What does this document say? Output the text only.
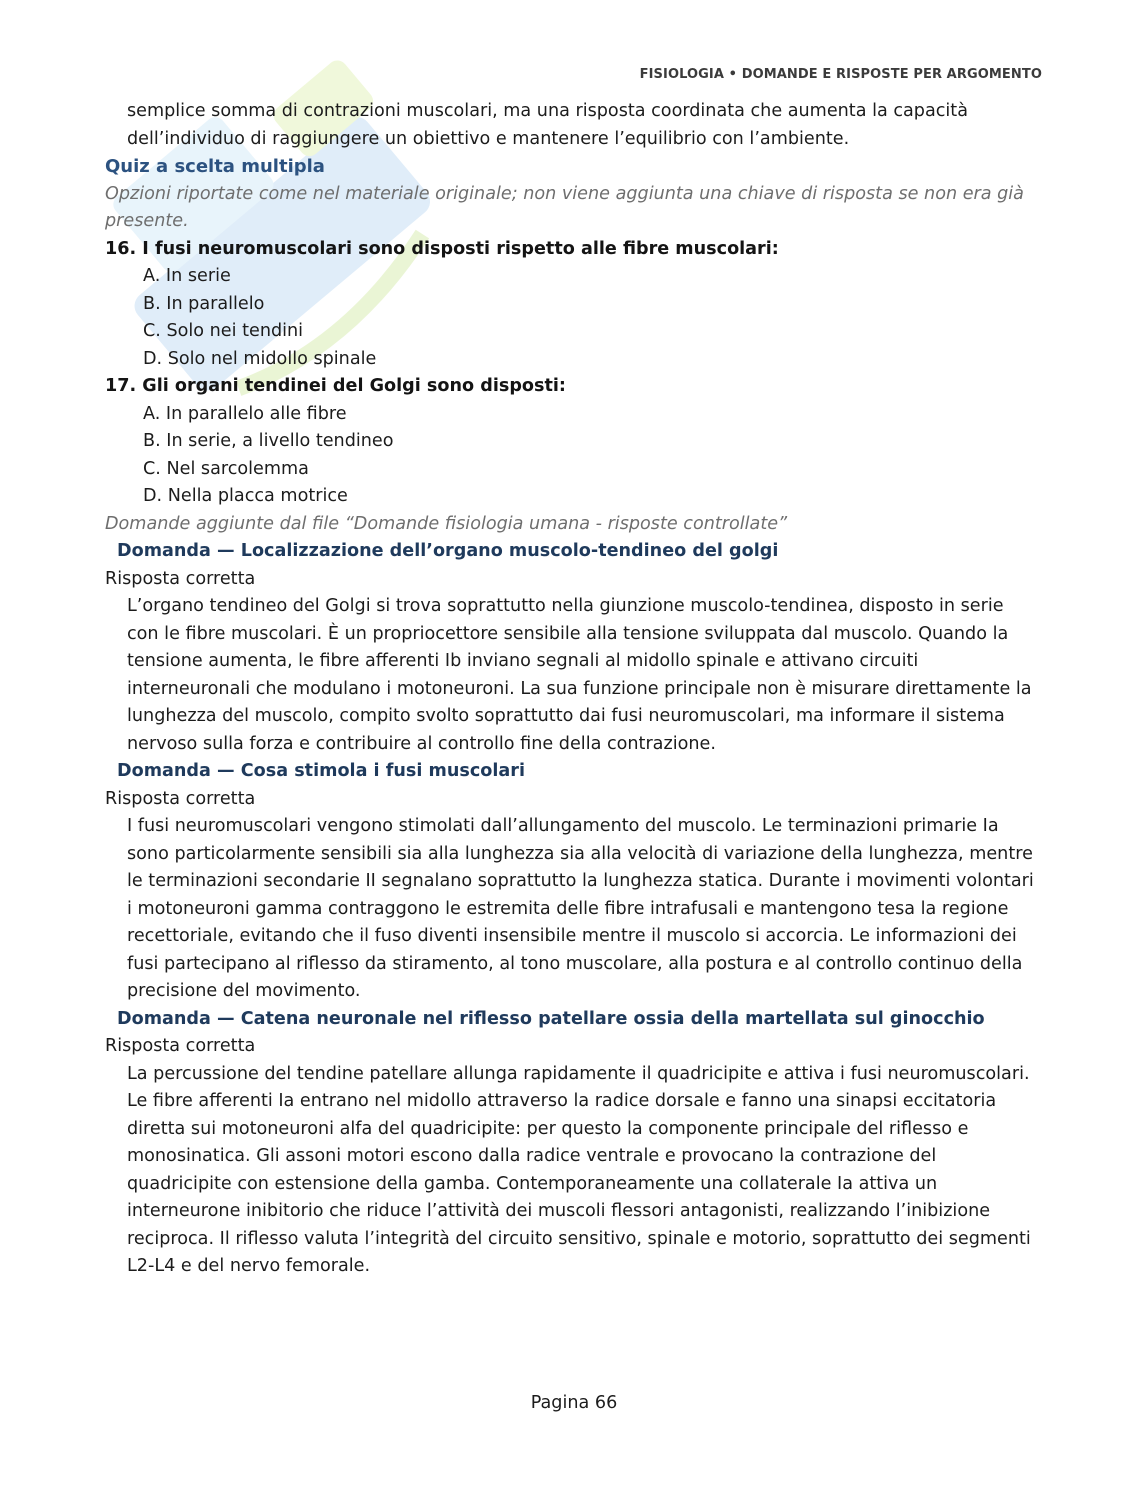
FISIOLOGIA • DOMANDE E RISPOSTE PER ARGOMENTO

semplice somma di contrazioni muscolari, ma una risposta coordinata che aumenta la capacità dell’individuo di raggiungere un obiettivo e mantenere l’equilibrio con l’ambiente.

Quiz a scelta multipla

Opzioni riportate come nel materiale originale; non viene aggiunta una chiave di risposta se non era già presente.

16. I fusi neuromuscolari sono disposti rispetto alle fibre muscolari:

A. In serie
B. In parallelo
C. Solo nei tendini
D. Solo nel midollo spinale

17. Gli organi tendinei del Golgi sono disposti:

A. In parallelo alle fibre
B. In serie, a livello tendineo
C. Nel sarcolemma
D. Nella placca motrice

Domande aggiunte dal file “Domande fisiologia umana - risposte controllate”

Domanda — Localizzazione dell’organo muscolo-tendineo del golgi

Risposta corretta

L’organo tendineo del Golgi si trova soprattutto nella giunzione muscolo-tendinea, disposto in serie con le fibre muscolari. È un propriocettore sensibile alla tensione sviluppata dal muscolo. Quando la tensione aumenta, le fibre afferenti Ib inviano segnali al midollo spinale e attivano circuiti interneuronali che modulano i motoneuroni. La sua funzione principale non è misurare direttamente la lunghezza del muscolo, compito svolto soprattutto dai fusi neuromuscolari, ma informare il sistema nervoso sulla forza e contribuire al controllo fine della contrazione.

Domanda — Cosa stimola i fusi muscolari

Risposta corretta

I fusi neuromuscolari vengono stimolati dall’allungamento del muscolo. Le terminazioni primarie Ia sono particolarmente sensibili sia alla lunghezza sia alla velocità di variazione della lunghezza, mentre le terminazioni secondarie II segnalano soprattutto la lunghezza statica. Durante i movimenti volontari i motoneuroni gamma contraggono le estremita delle fibre intrafusali e mantengono tesa la regione recettoriale, evitando che il fuso diventi insensibile mentre il muscolo si accorcia. Le informazioni dei fusi partecipano al riflesso da stiramento, al tono muscolare, alla postura e al controllo continuo della precisione del movimento.

Domanda — Catena neuronale nel riflesso patellare ossia della martellata sul ginocchio

Risposta corretta

La percussione del tendine patellare allunga rapidamente il quadricipite e attiva i fusi neuromuscolari. Le fibre afferenti Ia entrano nel midollo attraverso la radice dorsale e fanno una sinapsi eccitatoria diretta sui motoneuroni alfa del quadricipite: per questo la componente principale del riflesso e monosinatica. Gli assoni motori escono dalla radice ventrale e provocano la contrazione del quadricipite con estensione della gamba. Contemporaneamente una collaterale Ia attiva un interneurone inibitorio che riduce l’attività dei muscoli flessori antagonisti, realizzando l’inibizione reciproca. Il riflesso valuta l’integrità del circuito sensitivo, spinale e motorio, soprattutto dei segmenti L2-L4 e del nervo femorale.

Pagina 66
